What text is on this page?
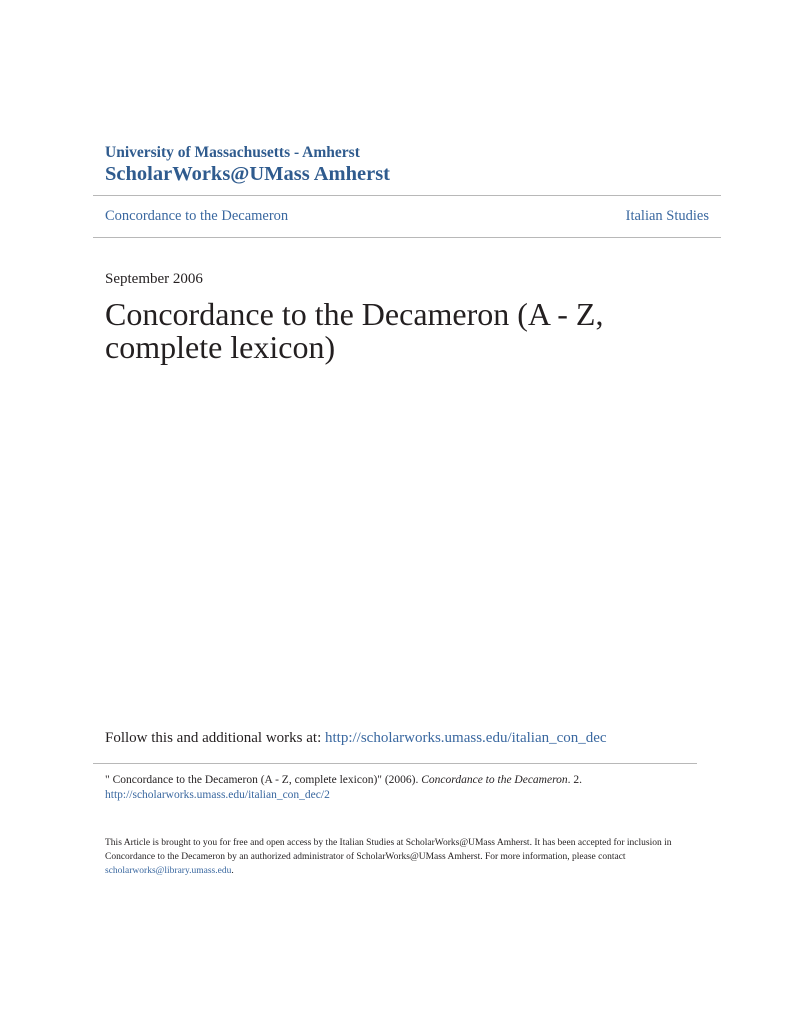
University of Massachusetts - Amherst
ScholarWorks@UMass Amherst
Concordance to the Decameron	Italian Studies
September 2006
Concordance to the Decameron (A - Z, complete lexicon)
Follow this and additional works at: http://scholarworks.umass.edu/italian_con_dec
" Concordance to the Decameron (A - Z, complete lexicon)" (2006). Concordance to the Decameron. 2.
http://scholarworks.umass.edu/italian_con_dec/2
This Article is brought to you for free and open access by the Italian Studies at ScholarWorks@UMass Amherst. It has been accepted for inclusion in Concordance to the Decameron by an authorized administrator of ScholarWorks@UMass Amherst. For more information, please contact scholarworks@library.umass.edu.
